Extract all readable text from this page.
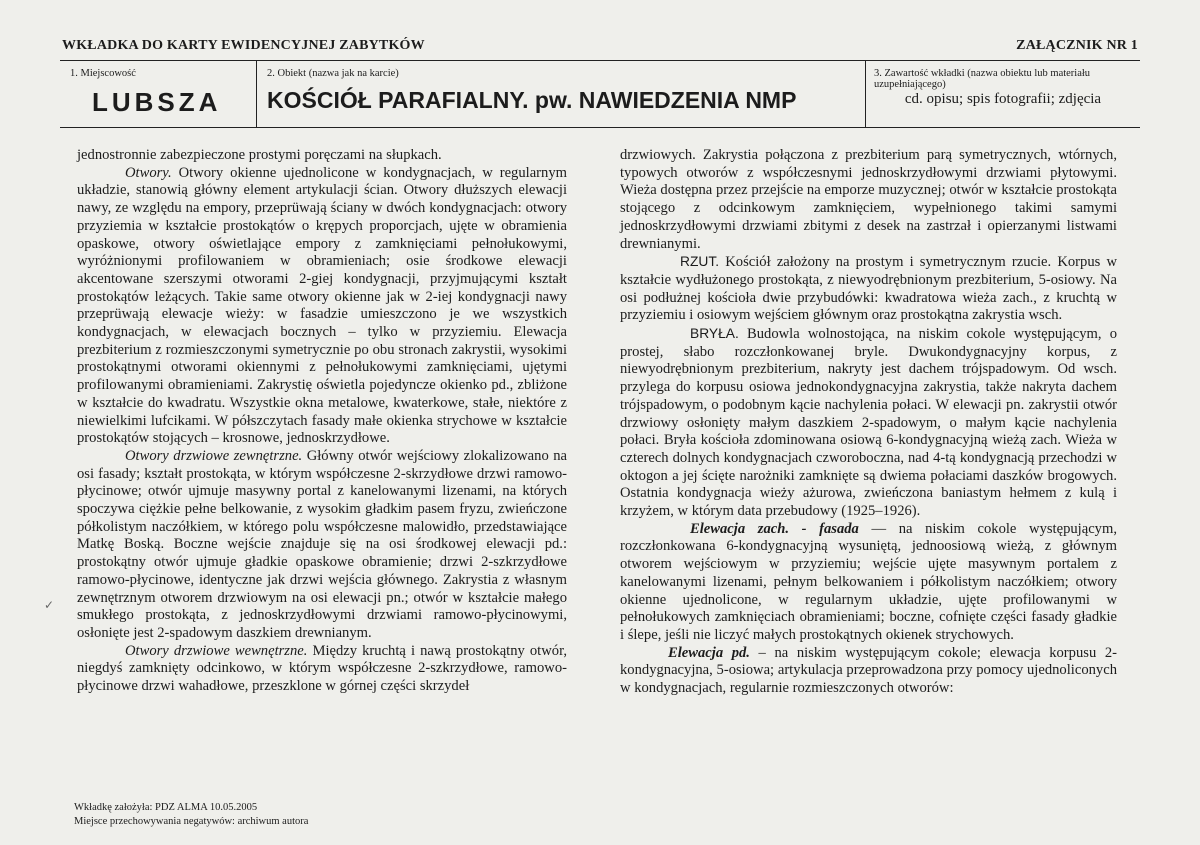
WKŁADKA DO KARTY EWIDENCYJNEJ ZABYTKÓW	ZAŁĄCZNIK NR 1
1. Miejscowość
LUBSZA
2. Obiekt (nazwa jak na karcie)
KOŚCIÓŁ PARAFIALNY. pw. NAWIEDZENIA NMP
3. Zawartość wkładki (nazwa obiektu lub materiału uzupełniającego)
cd. opisu; spis fotografii; zdjęcia

jednostronnie zabezpieczone prostymi poręczami na słupkach.

Otwory. Otwory okienne ujednolicone w kondygnacjach, w regularnym układzie, stanowią główny element artykulacji ścian. Otwory dłuższych elewacji nawy, ze względu na empory, przeprüwają ściany w dwóch kondygnacjach: otwory przyziemia w kształcie prostokątów o krępych proporcjach, ujęte w obramienia opaskowe, otwory oświetlające empory z zamknięciami pełnołukowymi, wyróżnionymi profilowaniem w obramieniach; osie środkowe elewacji akcentowane szerszymi otworami 2-giej kondygnacji, przyjmującymi kształt prostokątów leżących. Takie same otwory okienne jak w 2-iej kondygnacji nawy przeprüwają elewacje wieży: w fasadzie umieszczono je we wszystkich kondygnacjach, w elewacjach bocznych – tylko w przyziemiu. Elewacja prezbiterium z rozmieszczonymi symetrycznie po obu stronach zakrystii, wysokimi prostokątnymi otworami okiennymi z pełnołukowymi zamknięciami, ujętymi profilowanymi obramieniami. Zakrystię oświetla pojedyncze okienko pd., zbliżone w kształcie do kwadratu. Wszystkie okna metalowe, kwaterkowe, stałe, niektóre z niewielkimi lufcikami. W półszczytach fasady małe okienka strychowe w kształcie prostokątów stojących – krosnowe, jednoskrzydłowe.

Otwory drzwiowe zewnętrzne. Główny otwór wejściowy zlokalizowano na osi fasady; kształt prostokąta, w którym współczesne 2-skrzydłowe drzwi ramowo-płycinowe; otwór ujmuje masywny portal z kanelowanymi lizenami, na których spoczywa ciężkie pełne belkowanie, z wysokim gładkim pasem fryzu, zwieńczone półkolistym naczółkiem, w którego polu współczesne malowidło, przedstawiające Matkę Boską. Boczne wejście znajduje się na osi środkowej elewacji pd.: prostokątny otwór ujmuje gładkie opaskowe obramienie; drzwi 2-szkrzydłowe ramowo-płycinowe, identyczne jak drzwi wejścia głównego. Zakrystia z własnym zewnętrznym otworem drzwiowym na osi elewacji pn.; otwór w kształcie małego smukłego prostokąta, z jednoskrzydłowymi drzwiami ramowo-płycinowymi, osłonięte jest 2-spadowym daszkiem drewnianym.

Otwory drzwiowe wewnętrzne. Między kruchtą i nawą prostokątny otwór, niegdyś zamknięty odcinkowo, w którym współczesne 2-szkrzydłowe, ramowo-płycinowe drzwi wahadłowe, przeszklone w górnej części skrzydeł

drzwiowych. Zakrystia połączona z prezbiterium parą symetrycznych, wtórnych, typowych otworów z współczesnymi jednoskrzydłowymi drzwiami płytowymi. Wieża dostępna przez przejście na emporze muzycznej; otwór w kształcie prostokąta stojącego z odcinkowym zamknięciem, wypełnionego takimi samymi jednoskrzydłowymi drzwiami zbitymi z desek na zastrzał i opierzanymi listwami drewnianymi.

RZUT. Kościół założony na prostym i symetrycznym rzucie. Korpus w kształcie wydłużonego prostokąta, z niewyodrębnionym prezbiterium, 5-osiowy. Na osi podłużnej kościoła dwie przybudówki: kwadratowa wieża zach., z kruchtą w przyziemiu i osiowym wejściem głównym oraz prostokątna zakrystia wsch.

BRYŁA. Budowla wolnostojąca, na niskim cokole występującym, o prostej, słabo rozczłonkowanej bryle. Dwukondygnacyjny korpus, z niewyodrębnionym prezbiterium, nakryty jest dachem trójspadowym. Od wsch. przylega do korpusu osiowa jednokondygnacyjna zakrystia, także nakryta dachem trójspadowym, o podobnym kącie nachylenia połaci. W elewacji pn. zakrystii otwór drzwiowy osłonięty małym daszkiem 2-spadowym, o małym kącie nachylenia połaci. Bryła kościoła zdominowana osiową 6-kondygnacyjną wieżą zach. Wieża w czterech dolnych kondygnacjach czworoboczna, nad 4-tą kondygnacją przechodzi w oktogon a jej ścięte narożniki zamknięte są dwiema połaciami daszków brogowych. Ostatnia kondygnacja wieży ażurowa, zwieńczona baniastym hełmem z kulą i krzyżem, w którym data przebudowy (1925–1926).

Elewacja zach. - fasada — na niskim cokole występującym, rozczłonkowana 6-kondygnacyjną wysuniętą, jednoosiową wieżą, z głównym otworem wejściowym w przyziemiu; wejście ujęte masywnym portalem z kanelowanymi lizenami, pełnym belkowaniem i półkolistym naczółkiem; otwory okienne ujednolicone, w regularnym układzie, ujęte profilowanymi w pełnołukowych zamknięciach obramieniami; boczne, cofnięte części fasady gładkie i ślepe, jeśli nie liczyć małych prostokątnych okienek strychowych.

Elewacja pd. – na niskim występującym cokole; elewacja korpusu 2-kondygnacyjna, 5-osiowa; artykulacja przeprowadzona przy pomocy ujednoliconych w kondygnacjach, regularnie rozmieszczonych otworów:

✓
Wkładkę założyła: PDZ ALMA 10.05.2005
Miejsce przechowywania negatywów: archiwum autora
